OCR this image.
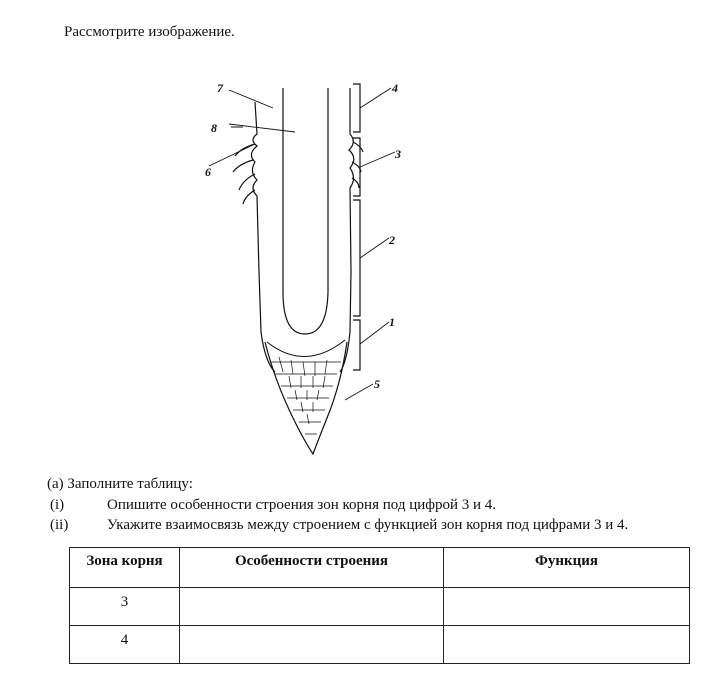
Рассмотрите изображение.
4
3
2
1
5
7
8
6
(а) Заполните таблицу:
(i)	Опишите особенности строения зон корня под цифрой 3 и 4.
(ii)	Укажите взаимосвязь между строением с функцией зон корня под цифрами 3 и 4.
Зона корня	Особенности строения	Функция
3		
4		
